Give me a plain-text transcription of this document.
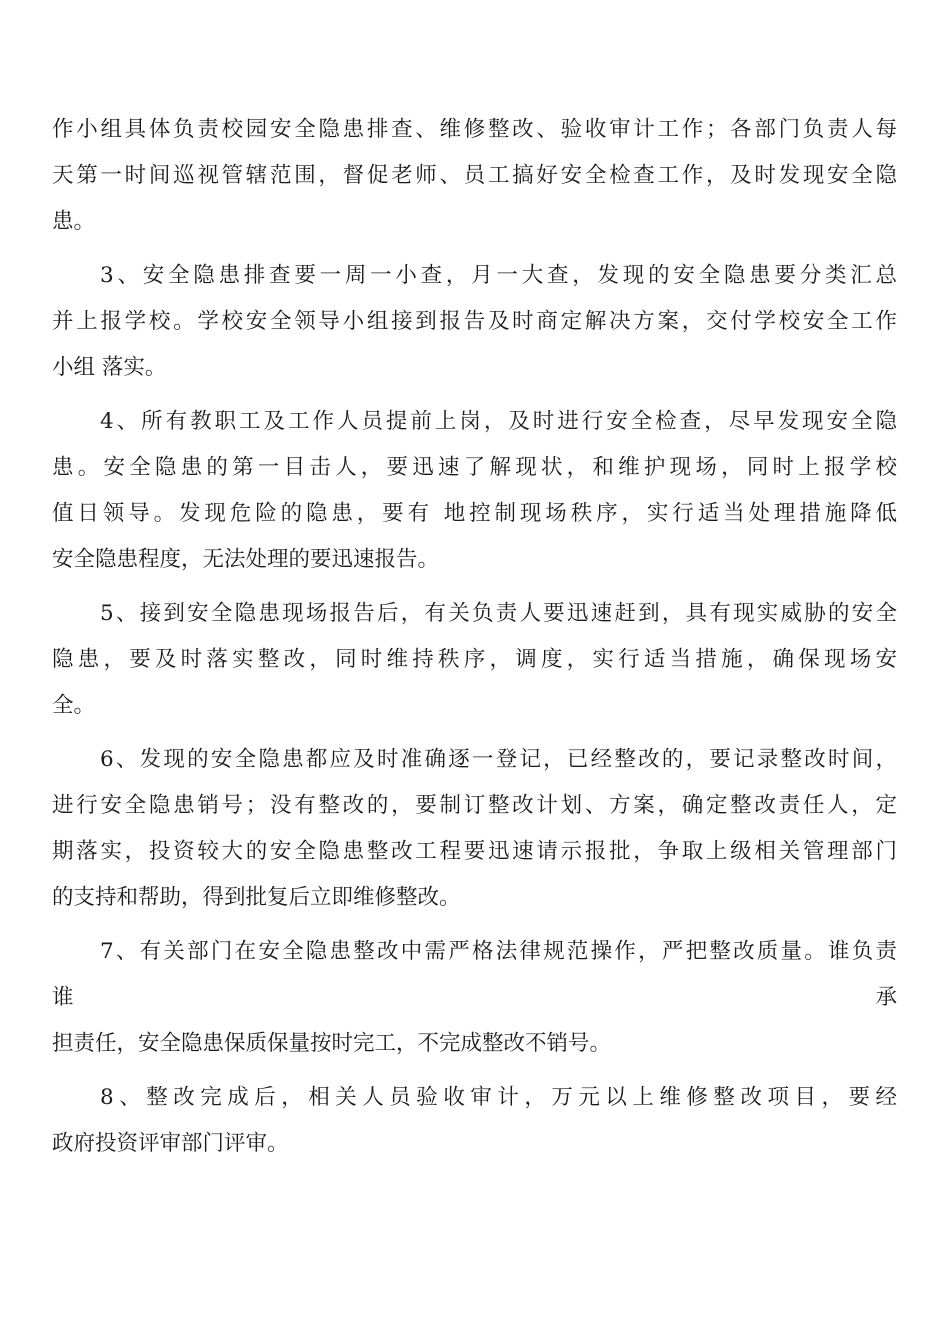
作小组具体负责校园安全隐患排查、维修整改、验收审计工作；各部门负责人每
天第一时间巡视管辖范围，督促老师、员工搞好安全检查工作，及时发现安全隐
患。
3、安全隐患排查要一周一小查，月一大查，发现的安全隐患要分类汇总
并上报学校。学校安全领导小组接到报告及时商定解决方案，交付学校安全工作
小组 落实。
4、所有教职工及工作人员提前上岗，及时进行安全检查，尽早发现安全隐
患。安全隐患的第一目击人，要迅速了解现状，和维护现场，同时上报学校
值日领导。发现危险的隐患，要有 地控制现场秩序，实行适当处理措施降低
安全隐患程度，无法处理的要迅速报告。
5、接到安全隐患现场报告后，有关负责人要迅速赶到，具有现实威胁的安全
隐患，要及时落实整改，同时维持秩序，调度，实行适当措施，确保现场安
全。
6、发现的安全隐患都应及时准确逐一登记，已经整改的，要记录整改时间，
进行安全隐患销号；没有整改的，要制订整改计划、方案，确定整改责任人，定
期落实，投资较大的安全隐患整改工程要迅速请示报批，争取上级相关管理部门
的支持和帮助，得到批复后立即维修整改。
7、有关部门在安全隐患整改中需严格法律规范操作，严把整改质量。谁负责
谁	承
担责任，安全隐患保质保量按时完工，不完成整改不销号。
8、整改完成后，相关人员验收审计，万元以上维修整改项目，要经
政府投资评审部门评审。
